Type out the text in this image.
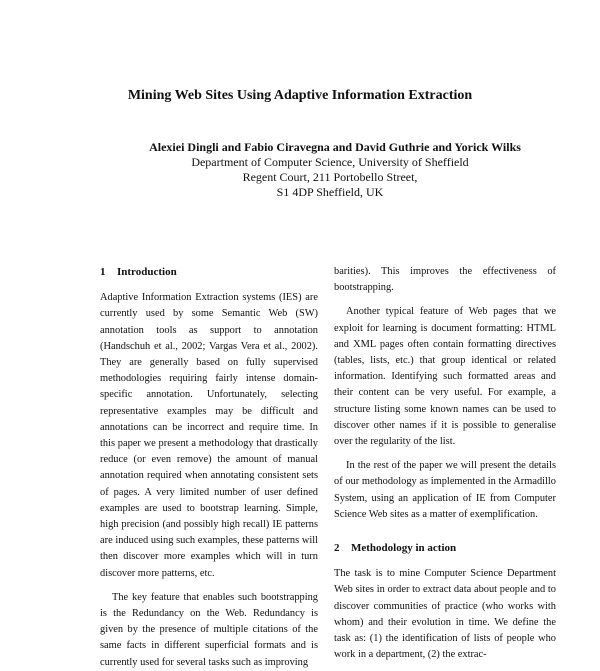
Mining Web Sites Using Adaptive Information Extraction
Alexiei Dingli and Fabio Ciravegna and David Guthrie and Yorick Wilks
Department of Computer Science, University of Sheffield
Regent Court, 211 Portobello Street,
S1 4DP Sheffield, UK
1 Introduction

Adaptive Information Extraction systems (IES) are currently used by some Semantic Web (SW) annotation tools as support to annotation (Handschuh et al., 2002; Vargas Vera et al., 2002). They are generally based on fully supervised methodologies requiring fairly intense domain-specific annotation. Unfortunately, selecting representative examples may be difficult and annotations can be incorrect and require time. In this paper we present a methodology that drastically reduce (or even remove) the amount of manual annotation required when annotating consistent sets of pages. A very limited number of user defined examples are used to bootstrap learning. Simple, high precision (and possibly high recall) IE patterns are induced using such examples, these patterns will then discover more examples which will in turn discover more patterns, etc.

The key feature that enables such bootstrapping is the Redundancy on the Web. Redundancy is given by the presence of multiple citations of the same facts in different superficial formats and is currently used for several tasks such as improving

barities). This improves the effectiveness of bootstrapping.

Another typical feature of Web pages that we exploit for learning is document formatting: HTML and XML pages often contain formatting directives (tables, lists, etc.) that group identical or related information. Identifying such formatted areas and their content can be very useful. For example, a structure listing some known names can be used to discover other names if it is possible to generalise over the regularity of the list.

In the rest of the paper we will present the details of our methodology as implemented in the Armadillo System, using an application of IE from Computer Science Web sites as a matter of exemplification.

2 Methodology in action

The task is to mine Computer Science Department Web sites in order to extract data about people and to discover communities of practice (who works with whom) and their evolution in time. We define the task as: (1) the identification of lists of people who work in a department, (2) the extrac-
